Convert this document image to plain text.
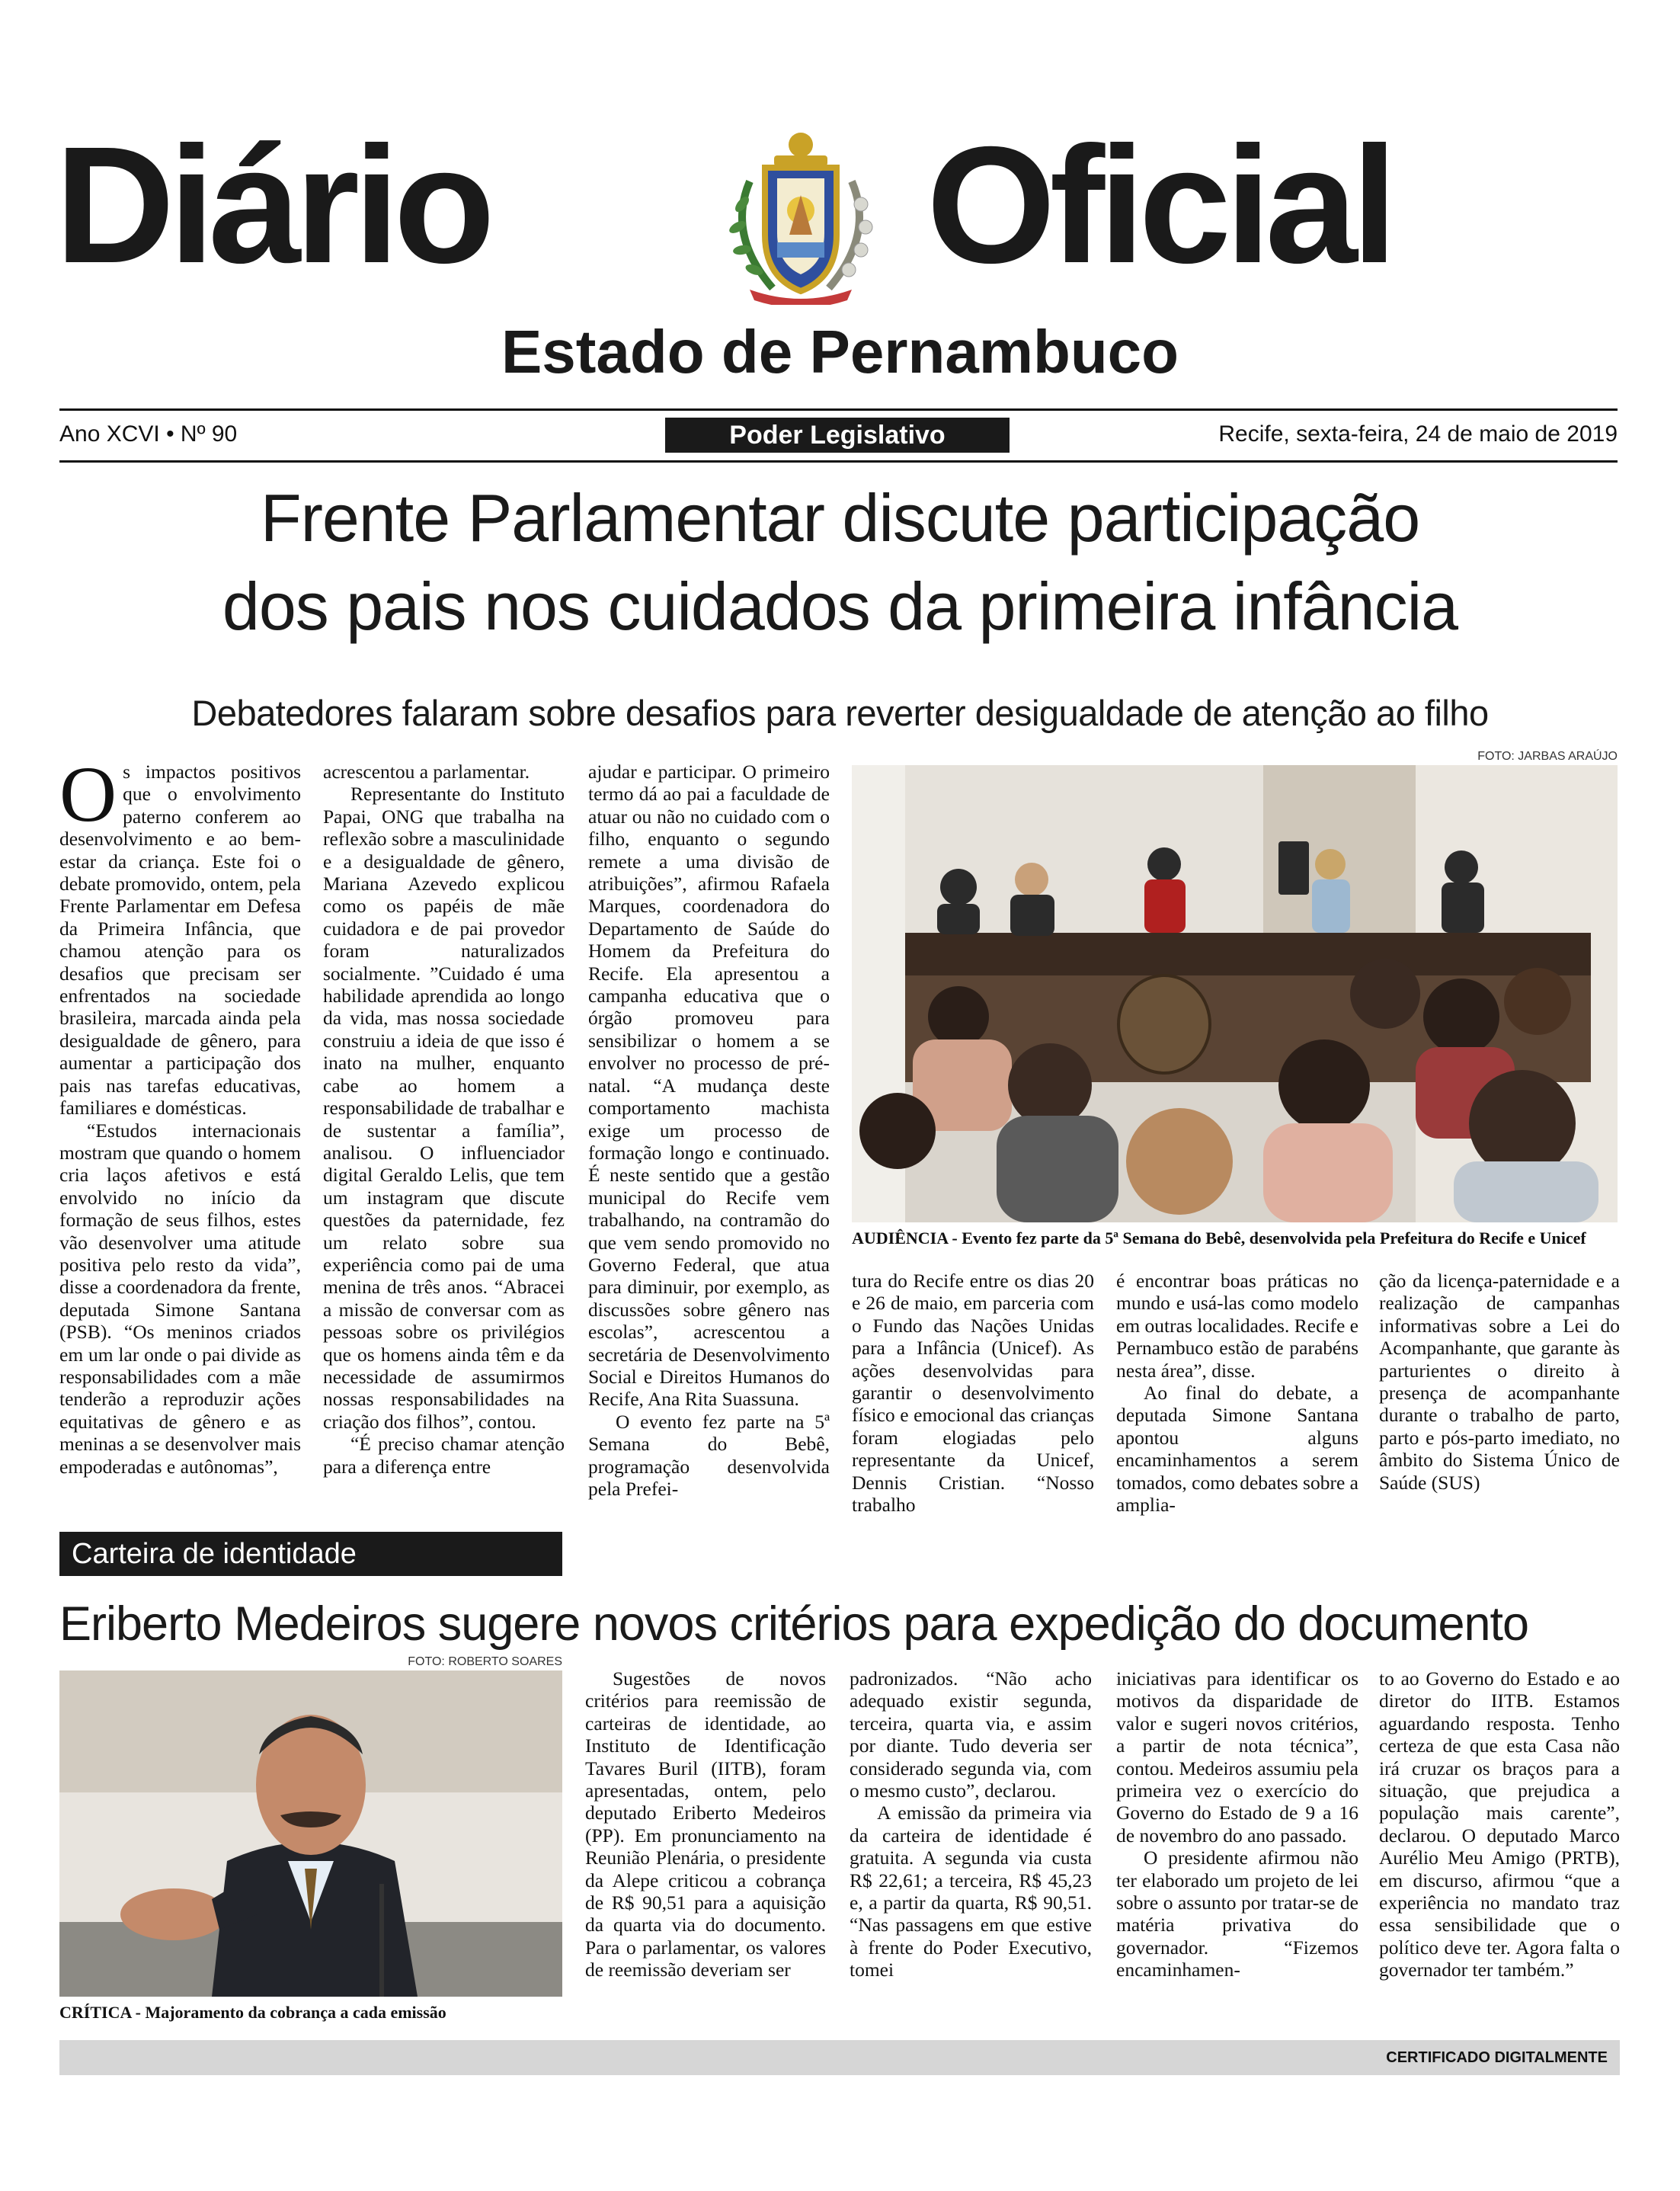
Diário	Oficial
Estado de Pernambuco
Ano XCVI • Nº 90	Poder Legislativo	Recife, sexta-feira, 24 de maio de 2019
Frente Parlamentar discute participação
dos pais nos cuidados da primeira infância
Debatedores falaram sobre desafios para reverter desigualdade de atenção ao filho

Os impactos positivos que o envolvimento paterno conferem ao desenvolvimento e ao bem-estar da criança. Este foi o debate promovido, ontem, pela Frente Parlamentar em Defesa da Primeira Infância, que chamou atenção para os desafios que precisam ser enfrentados na sociedade brasileira, marcada ainda pela desigualdade de gênero, para aumentar a participação dos pais nas tarefas educativas, familiares e domésticas.

“Estudos internacionais mostram que quando o homem cria laços afetivos e está envolvido no início da formação de seus filhos, estes vão desenvolver uma atitude positiva pelo resto da vida”, disse a coordenadora da frente, deputada Simone Santana (PSB). “Os meninos criados em um lar onde o pai divide as responsabilidades com a mãe tenderão a reproduzir ações equitativas de gênero e as meninas a se desenvolver mais empoderadas e autônomas”,

acrescentou a parlamentar.

Representante do Instituto Papai, ONG que trabalha na reflexão sobre a masculinidade e a desigualdade de gênero, Mariana Azevedo explicou como os papéis de mãe cuidadora e de pai provedor foram naturalizados socialmente. ”Cuidado é uma habilidade aprendida ao longo da vida, mas nossa sociedade construiu a ideia de que isso é inato na mulher, enquanto cabe ao homem a responsabilidade de trabalhar e de sustentar a família”, analisou. O influenciador digital Geraldo Lelis, que tem um instagram que discute questões da paternidade, fez um relato sobre sua experiência como pai de uma menina de três anos. “Abracei a missão de conversar com as pessoas sobre os privilégios que os homens ainda têm e da necessidade de assumirmos nossas responsabilidades na criação dos filhos”, contou.

“É preciso chamar atenção para a diferença entre

ajudar e participar. O primeiro termo dá ao pai a faculdade de atuar ou não no cuidado com o filho, enquanto o segundo remete a uma divisão de atribuições”, afirmou Rafaela Marques, coordenadora do Departamento de Saúde do Homem da Prefeitura do Recife. Ela apresentou a campanha educativa que o órgão promoveu para sensibilizar o homem a se envolver no processo de pré-natal. “A mudança deste comportamento machista exige um processo de formação longo e continuado. É neste sentido que a gestão municipal do Recife vem trabalhando, na contramão do que vem sendo promovido no Governo Federal, que atua para diminuir, por exemplo, as discussões sobre gênero nas escolas”, acrescentou a secretária de Desenvolvimento Social e Direitos Humanos do Recife, Ana Rita Suassuna.

O evento fez parte na 5ª Semana do Bebê, programação desenvolvida pela Prefei-

FOTO: JARBAS ARAÚJO
AUDIÊNCIA - Evento fez parte da 5ª Semana do Bebê, desenvolvida pela Prefeitura do Recife e Unicef

tura do Recife entre os dias 20 e 26 de maio, em parceria com o Fundo das Nações Unidas para a Infância (Unicef). As ações desenvolvidas para garantir o desenvolvimento físico e emocional das crianças foram elogiadas pelo representante da Unicef, Dennis Cristian. “Nosso trabalho

é encontrar boas práticas no mundo e usá-las como modelo em outras localidades. Recife e Pernambuco estão de parabéns nesta área”, disse.

Ao final do debate, a deputada Simone Santana apontou alguns encaminhamentos a serem tomados, como debates sobre a amplia-

ção da licença-paternidade e a realização de campanhas informativas sobre a Lei do Acompanhante, que garante às parturientes o direito à presença de acompanhante durante o trabalho de parto, parto e pós-parto imediato, no âmbito do Sistema Único de Saúde (SUS)

Carteira de identidade
Eriberto Medeiros sugere novos critérios para expedição do documento
FOTO: ROBERTO SOARES
CRÍTICA - Majoramento da cobrança a cada emissão

Sugestões de novos critérios para reemissão de carteiras de identidade, ao Instituto de Identificação Tavares Buril (IITB), foram apresentadas, ontem, pelo deputado Eriberto Medeiros (PP). Em pronunciamento na Reunião Plenária, o presidente da Alepe criticou a cobrança de R$ 90,51 para a aquisição da quarta via do documento. Para o parlamentar, os valores de reemissão deveriam ser

padronizados. “Não acho adequado existir segunda, terceira, quarta via, e assim por diante. Tudo deveria ser considerado segunda via, com o mesmo custo”, declarou.

A emissão da primeira via da carteira de identidade é gratuita. A segunda via custa R$ 22,61; a terceira, R$ 45,23 e, a partir da quarta, R$ 90,51. “Nas passagens em que estive à frente do Poder Executivo, tomei

iniciativas para identificar os motivos da disparidade de valor e sugeri novos critérios, a partir de nota técnica”, contou. Medeiros assumiu pela primeira vez o exercício do Governo do Estado de 9 a 16 de novembro do ano passado.

O presidente afirmou não ter elaborado um projeto de lei sobre o assunto por tratar-se de matéria privativa do governador. “Fizemos encaminhamen-

to ao Governo do Estado e ao diretor do IITB. Estamos aguardando resposta. Tenho certeza de que esta Casa não irá cruzar os braços para a situação, que prejudica a população mais carente”, declarou. O deputado Marco Aurélio Meu Amigo (PRTB), em discurso, afirmou “que a experiência no mandato traz essa sensibilidade que o político deve ter. Agora falta o governador ter também.”

CERTIFICADO DIGITALMENTE
